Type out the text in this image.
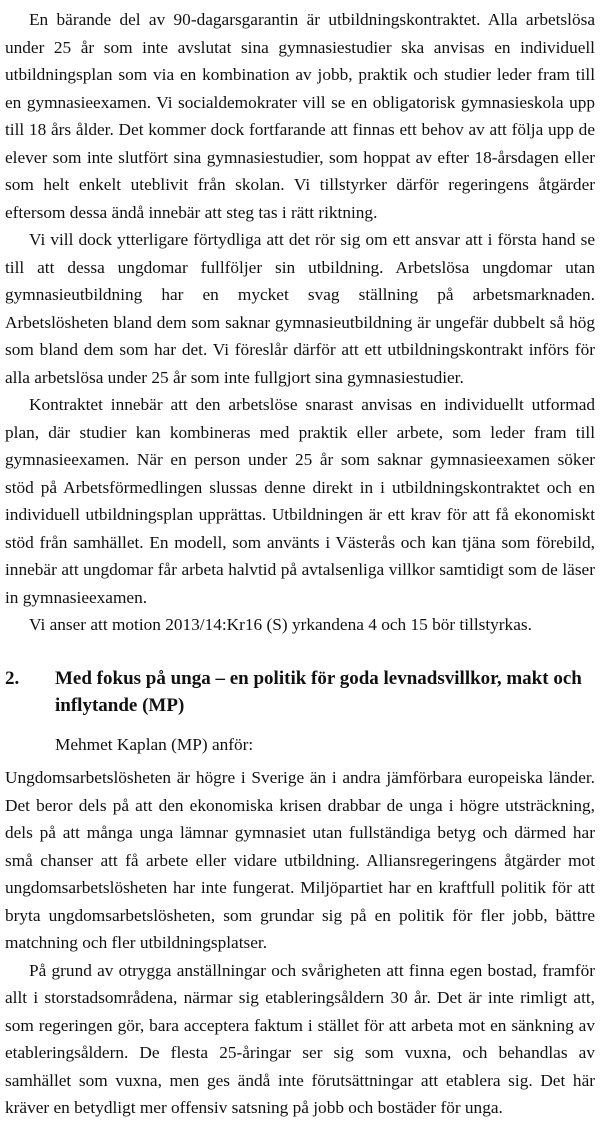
En bärande del av 90-dagarsgarantin är utbildningskontraktet. Alla arbetslösa under 25 år som inte avslutat sina gymnasiestudier ska anvisas en individuell utbildningsplan som via en kombination av jobb, praktik och studier leder fram till en gymnasieexamen. Vi socialdemokrater vill se en obligatorisk gymnasieskola upp till 18 års ålder. Det kommer dock fortfarande att finnas ett behov av att följa upp de elever som inte slutfört sina gymnasiestudier, som hoppat av efter 18-årsdagen eller som helt enkelt uteblivit från skolan. Vi tillstyrker därför regeringens åtgärder eftersom dessa ändå innebär att steg tas i rätt riktning.

Vi vill dock ytterligare förtydliga att det rör sig om ett ansvar att i första hand se till att dessa ungdomar fullföljer sin utbildning. Arbetslösa ungdomar utan gymnasieutbildning har en mycket svag ställning på arbetsmarknaden. Arbetslösheten bland dem som saknar gymnasieutbildning är ungefär dubbelt så hög som bland dem som har det. Vi föreslår därför att ett utbildningskontrakt införs för alla arbetslösa under 25 år som inte fullgjort sina gymnasiestudier.

Kontraktet innebär att den arbetslöse snarast anvisas en individuellt utformad plan, där studier kan kombineras med praktik eller arbete, som leder fram till gymnasieexamen. När en person under 25 år som saknar gymnasieexamen söker stöd på Arbetsförmedlingen slussas denne direkt in i utbildningskontraktet och en individuell utbildningsplan upprättas. Utbildningen är ett krav för att få ekonomiskt stöd från samhället. En modell, som använts i Västerås och kan tjäna som förebild, innebär att ungdomar får arbeta halvtid på avtalsenliga villkor samtidigt som de läser in gymnasieexamen.

Vi anser att motion 2013/14:Kr16 (S) yrkandena 4 och 15 bör tillstyrkas.

2.	Med fokus på unga – en politik för goda levnadsvillkor, makt och inflytande (MP)

Mehmet Kaplan (MP) anför:

Ungdomsarbetslösheten är högre i Sverige än i andra jämförbara europeiska länder. Det beror dels på att den ekonomiska krisen drabbar de unga i högre utsträckning, dels på att många unga lämnar gymnasiet utan fullständiga betyg och därmed har små chanser att få arbete eller vidare utbildning. Alliansregeringens åtgärder mot ungdomsarbetslösheten har inte fungerat. Miljöpartiet har en kraftfull politik för att bryta ungdomsarbetslösheten, som grundar sig på en politik för fler jobb, bättre matchning och fler utbildningsplatser.

På grund av otrygga anställningar och svårigheten att finna egen bostad, framför allt i storstadsområdena, närmar sig etableringsåldern 30 år. Det är inte rimligt att, som regeringen gör, bara acceptera faktum i stället för att arbeta mot en sänkning av etableringsåldern. De flesta 25-åringar ser sig som vuxna, och behandlas av samhället som vuxna, men ges ändå inte förutsättningar att etablera sig. Det här kräver en betydligt mer offensiv satsning på jobb och bostäder för unga.
